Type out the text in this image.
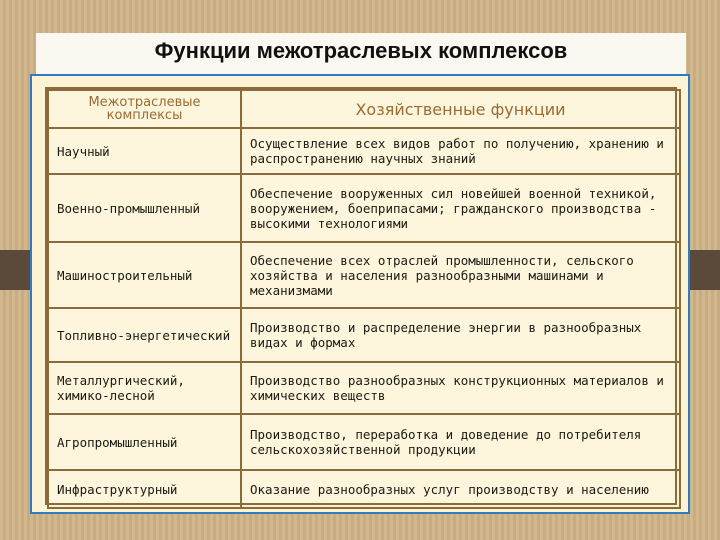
Функции межотраслевых комплексов
Межотраслевые комплексы	Хозяйственные функции
Научный	Осуществление всех видов работ по получению, хранению и распространению научных знаний
Военно-промышленный	Обеспечение вооруженных сил новейшей военной техникой, вооружением, боеприпасами; гражданского производства - высокими технологиями
Машиностроительный	Обеспечение всех отраслей промышленности, сельского хозяйства и населения разнообразными машинами и механизмами
Топливно-энергетический	Производство и распределение энергии в разнообразных видах и формах
Металлургический, химико-лесной	Производство разнообразных конструкционных материалов и химических веществ
Агропромышленный	Производство, переработка и доведение до потребителя сельскохозяйственной продукции
Инфраструктурный	Оказание разнообразных услуг производству и населению
